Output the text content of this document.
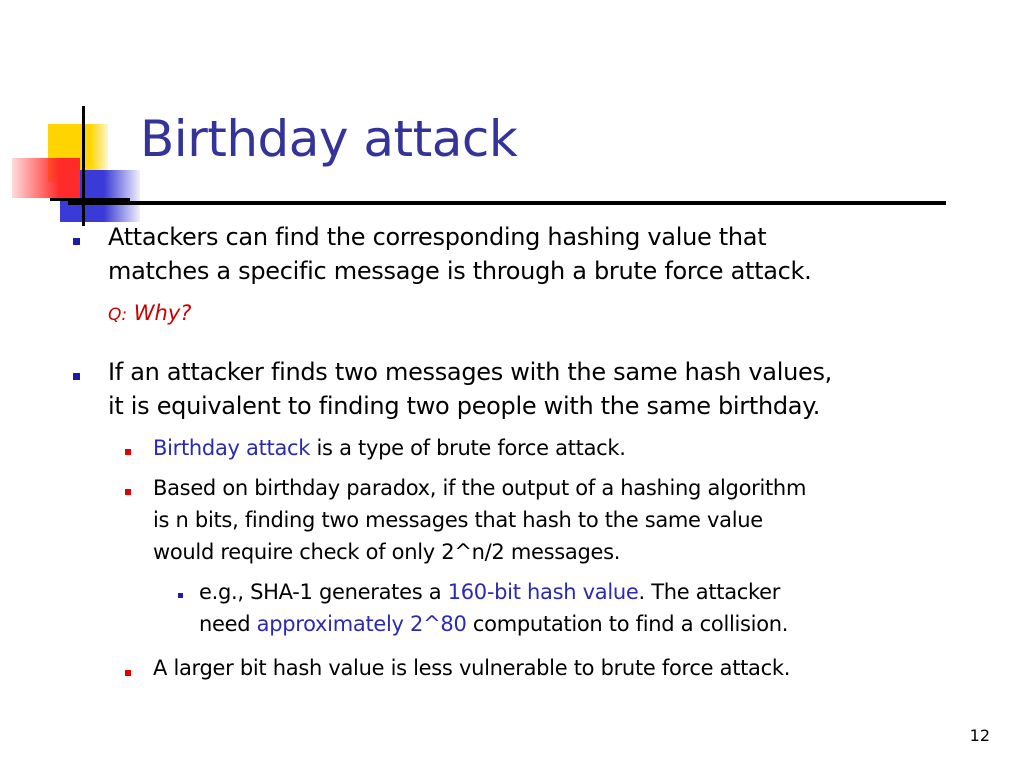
Birthday attack
Attackers can find the corresponding hashing value that
matches a specific message is through a brute force attack.
Q: Why?
If an attacker finds two messages with the same hash values,
it is equivalent to finding two people with the same birthday.
Birthday attack is a type of brute force attack.
Based on birthday paradox, if the output of a hashing algorithm
is n bits, finding two messages that hash to the same value
would require check of only 2^n/2 messages.
e.g., SHA-1 generates a 160-bit hash value. The attacker
need approximately 2^80 computation to find a collision.
A larger bit hash value is less vulnerable to brute force attack.
12
